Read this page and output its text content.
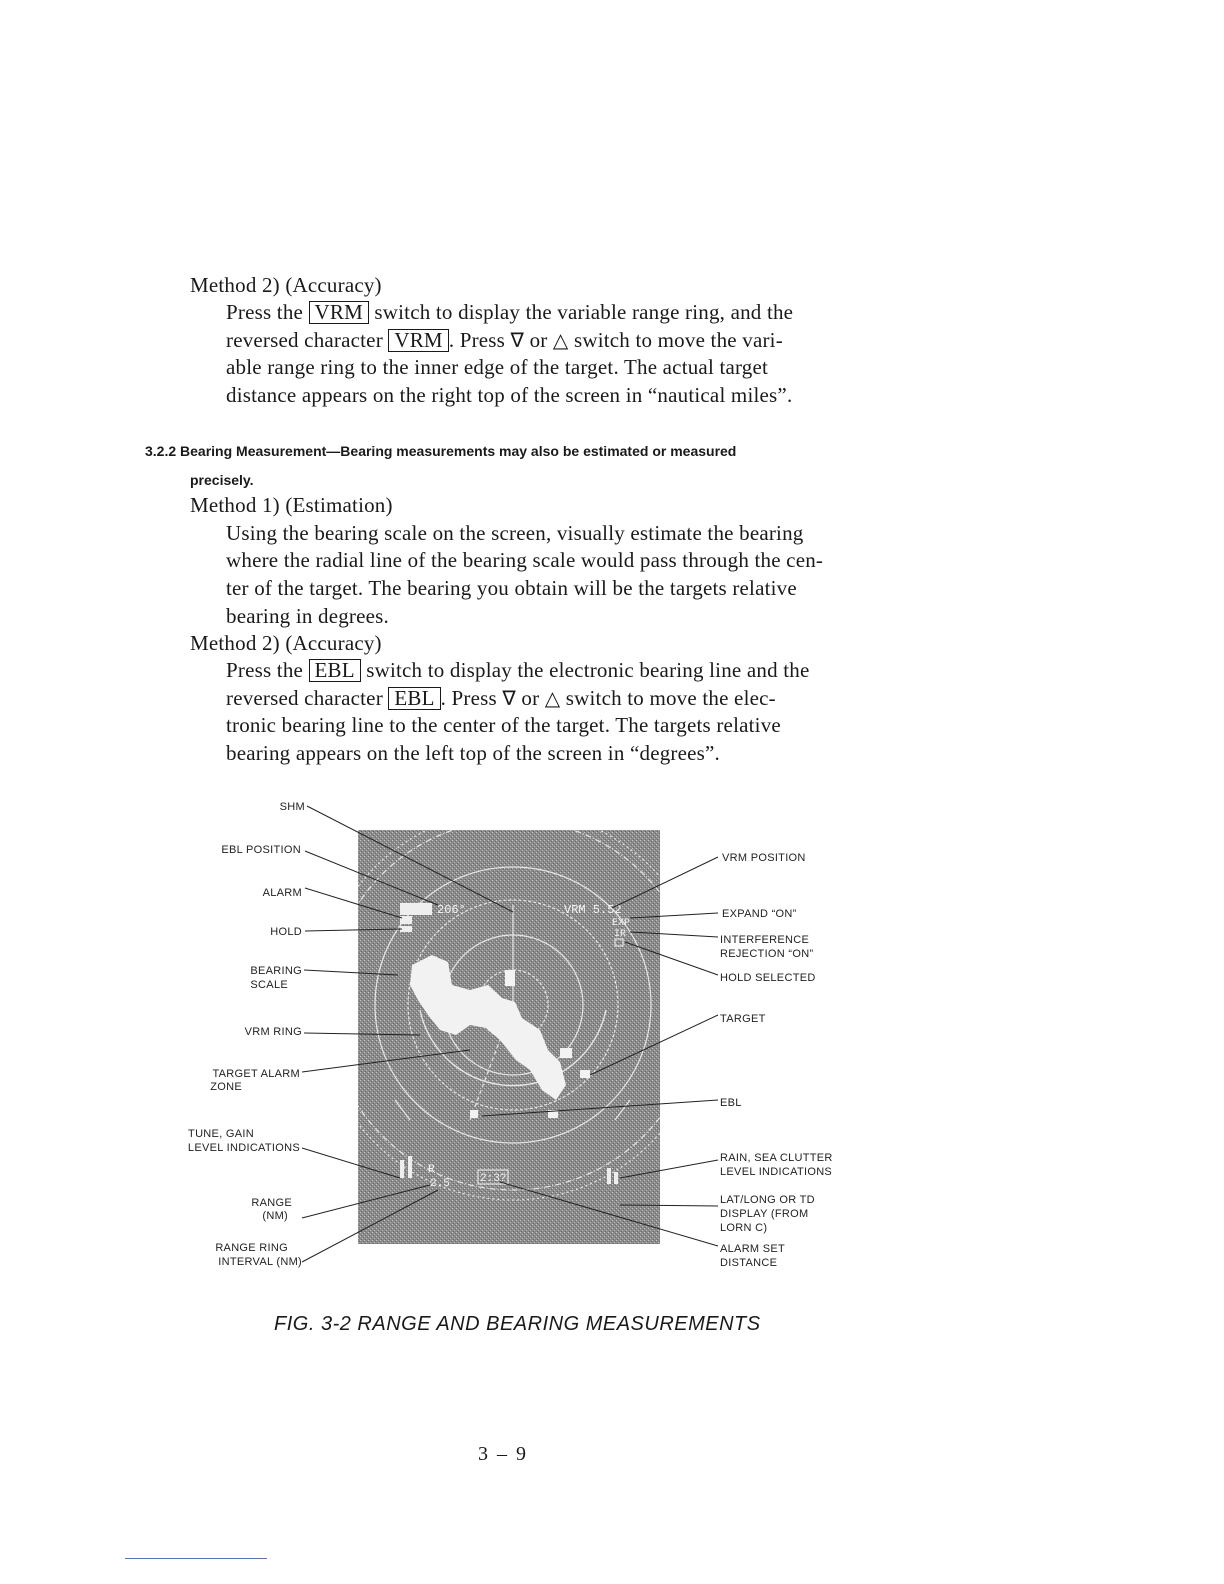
Method 2) (Accuracy)
Press the VRM switch to display the variable range ring, and the
reversed character VRM . Press ∇ or △ switch to move the vari-
able range ring to the inner edge of the target. The actual target
distance appears on the right top of the screen in “nautical miles”.
3.2.2 Bearing Measurement—Bearing measurements may also be estimated or measured
precisely.
Method 1) (Estimation)
Using the bearing scale on the screen, visually estimate the bearing
where the radial line of the bearing scale would pass through the cen-
ter of the target. The bearing you obtain will be the targets relative
bearing in degrees.
Method 2) (Accuracy)
Press the EBL switch to display the electronic bearing line and the
reversed character EBL . Press ∇ or △ switch to move the elec-
tronic bearing line to the center of the target. The targets relative
bearing appears on the left top of the screen in “degrees”.
206°	VRM 5.52
EXP
IR
R
2.5	2:3?
SHM
EBL POSITION
ALARM
HOLD
BEARING
SCALE
VRM RING
TARGET ALARM
ZONE
TUNE, GAIN
LEVEL INDICATIONS
RANGE
(NM)
RANGE RING
INTERVAL (NM)
VRM POSITION
EXPAND “ON”
INTERFERENCE
REJECTION “ON”
HOLD SELECTED
TARGET
EBL
RAIN, SEA CLUTTER
LEVEL INDICATIONS
LAT/LONG OR TD
DISPLAY (FROM
LORN C)
ALARM SET
DISTANCE
FIG. 3-2 RANGE AND BEARING MEASUREMENTS
3 – 9
